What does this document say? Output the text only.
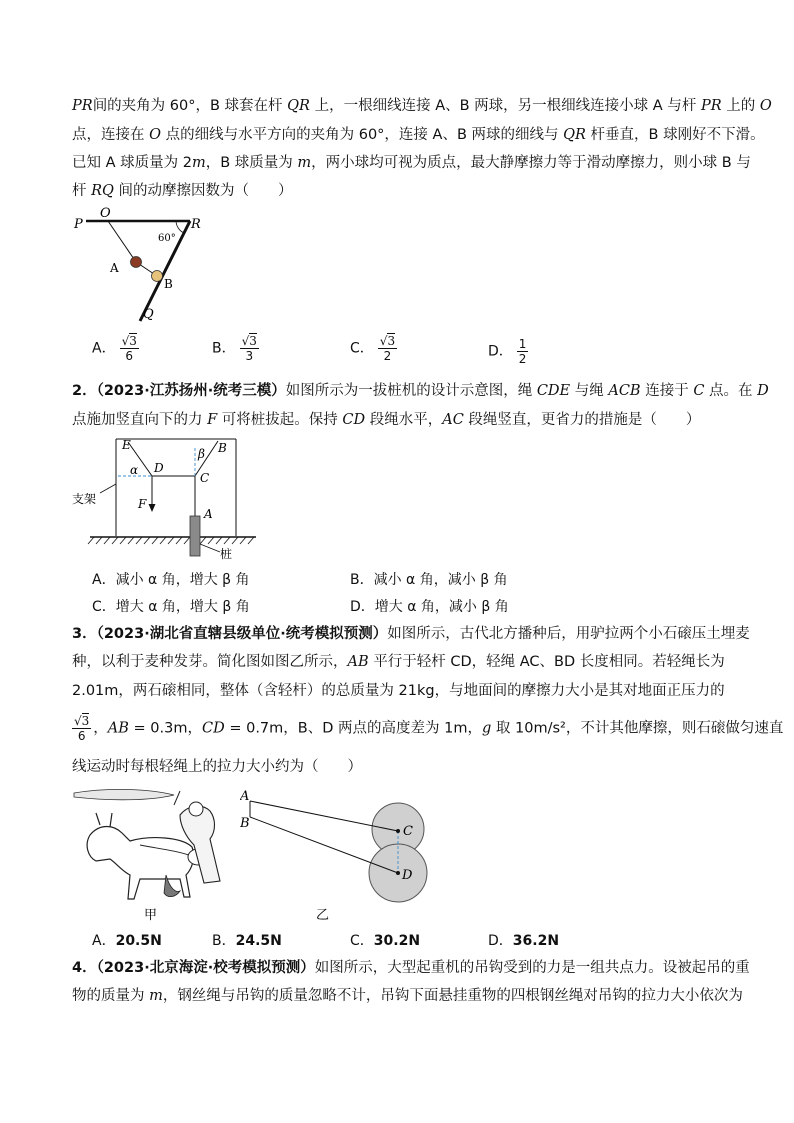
PR间的夹角为 60°，B 球套在杆 QR 上，一根细线连接 A、B 两球，另一根细线连接小球 A 与杆 PR 上的 O
点，连接在 O 点的细线与水平方向的夹角为 60°，连接 A、B 两球的细线与 QR 杆垂直，B 球刚好不下滑。
已知 A 球质量为 2m，B 球质量为 m，两小球均可视为质点，最大静摩擦力等于滑动摩擦力，则小球 B 与
杆 RQ 间的动摩擦因数为（　　）
P
O
R
60°
A
B
Q
A． $\frac{√3}{6}$	B． $\frac{√3}{3}$	C． $\frac{√3}{2}$	D． $\frac{1}{2}$
2．（2023·江苏扬州·统考三模）如图所示为一拔桩机的设计示意图，绳 CDE 与绳 ACB 连接于 C 点。在 D
点施加竖直向下的力 F 可将桩拔起。保持 CD 段绳水平，AC 段绳竖直，更省力的措施是（　　）
E
α D
β B
C
F
A
支架
桩
A．减小 α 角，增大 β 角	B．减小 α 角，减小 β 角
C．增大 α 角，增大 β 角	D．增大 α 角，减小 β 角
3．（2023·湖北省直辖县级单位·统考模拟预测）如图所示，古代北方播种后，用驴拉两个小石磙压土埋麦
种，以利于麦种发芽。简化图如图乙所示，AB 平行于轻杆 CD，轻绳 AC、BD 长度相同。若轻绳长为
2.01m，两石磙相同，整体（含轻杆）的总质量为 21kg，与地面间的摩擦力大小是其对地面正压力的
$\frac{√3}{6}$ ，AB = 0.3m，CD = 0.7m，B、D 两点的高度差为 1m，g 取 10m/s²，不计其他摩擦，则石磙做匀速直
线运动时每根轻绳上的拉力大小约为（　　）
甲
A
B
C
D
乙
A．20.5N	B．24.5N	C．30.2N	D．36.2N
4．（2023·北京海淀·校考模拟预测）如图所示，大型起重机的吊钩受到的力是一组共点力。设被起吊的重
物的质量为 m，钢丝绳与吊钩的质量忽略不计，吊钩下面悬挂重物的四根钢丝绳对吊钩的拉力大小依次为
